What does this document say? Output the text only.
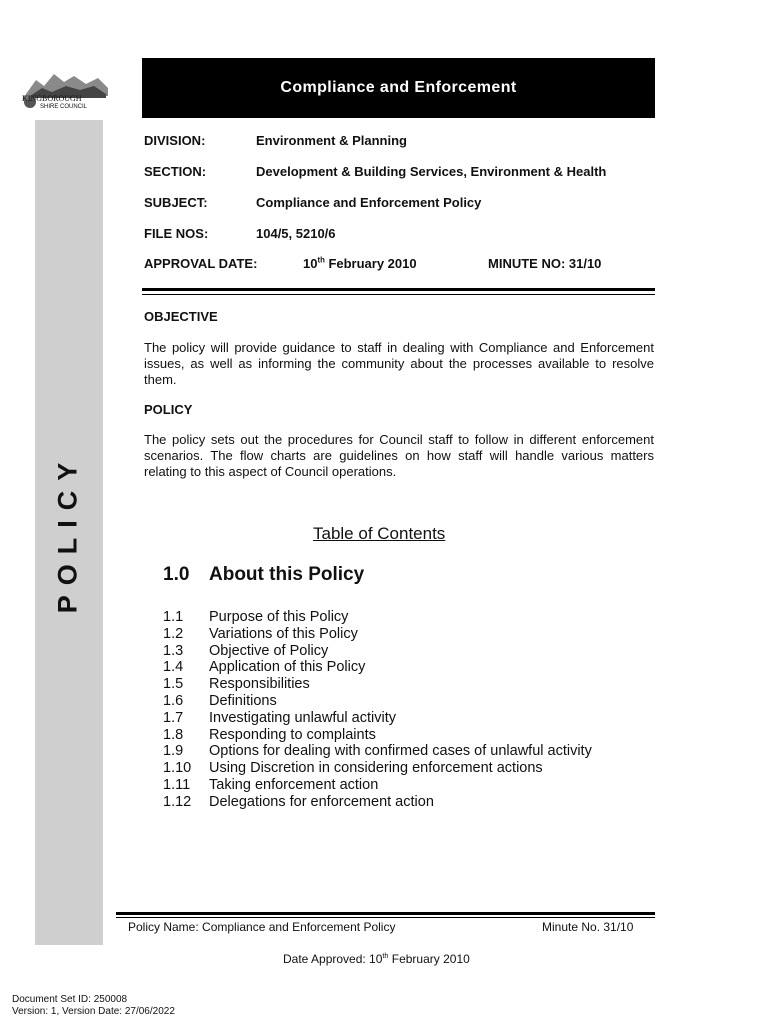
KINGBOROUGH
SHIRE COUNCIL
POLICY
Compliance and Enforcement
DIVISION:	Environment & Planning
SECTION:	Development & Building Services, Environment & Health
SUBJECT:	Compliance and Enforcement Policy
FILE NOS:	104/5, 5210/6
APPROVAL DATE:	10th February 2010	MINUTE NO: 31/10
OBJECTIVE
The policy will provide guidance to staff in dealing with Compliance and Enforcement issues, as well as informing the community about the processes available to resolve them.
POLICY
The policy sets out the procedures for Council staff to follow in different enforcement scenarios. The flow charts are guidelines on how staff will handle various matters relating to this aspect of Council operations.
Table of Contents
1.0 About this Policy
1.1 Purpose of this Policy
1.2 Variations of this Policy
1.3 Objective of Policy
1.4 Application of this Policy
1.5 Responsibilities
1.6 Definitions
1.7 Investigating unlawful activity
1.8 Responding to complaints
1.9 Options for dealing with confirmed cases of unlawful activity
1.10 Using Discretion in considering enforcement actions
1.11 Taking enforcement action
1.12 Delegations for enforcement action
Policy Name: Compliance and Enforcement Policy	Minute No. 31/10
Date Approved: 10th February 2010
Document Set ID: 250008
Version: 1, Version Date: 27/06/2022
